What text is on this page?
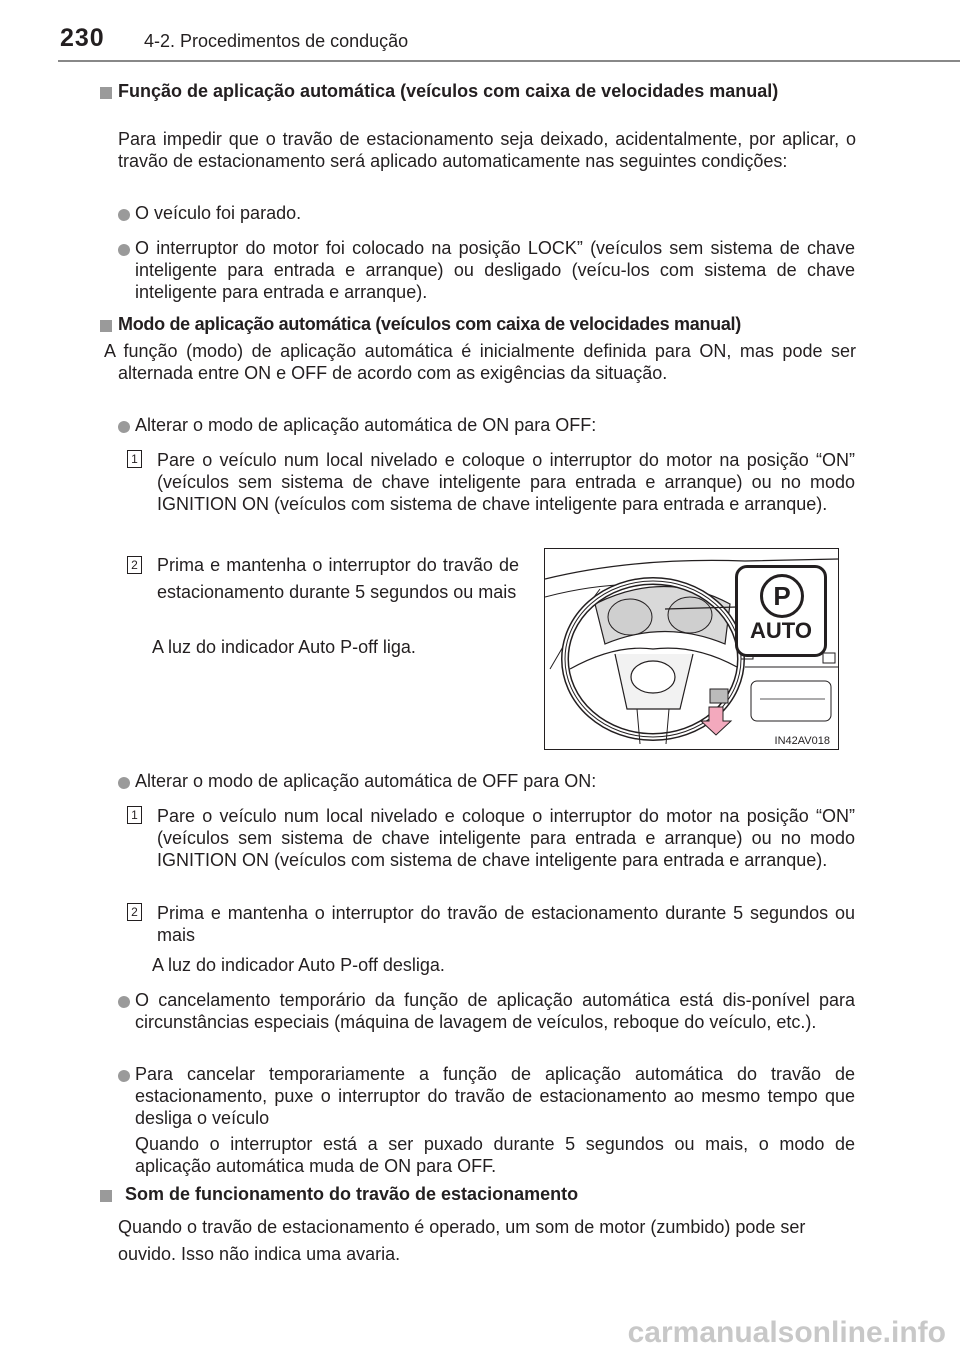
230 4-2. Procedimentos de condução

Função de aplicação automática (veículos com caixa de velocidades manual)

Para impedir que o travão de estacionamento seja deixado, acidentalmente, por aplicar, o travão de estacionamento será aplicado automaticamente nas seguintes condições:

O veículo foi parado.

O interruptor do motor foi colocado na posição LOCK” (veículos sem sistema de chave inteligente para entrada e arranque) ou desligado (veícu-los com sistema de chave inteligente para entrada e arranque).

Modo de aplicação automática (veículos com caixa de velocidades manual)

A função (modo) de aplicação automática é inicialmente definida para ON, mas pode ser alternada entre ON e OFF de acordo com as exigências da situação.

Alterar o modo de aplicação automática de ON para OFF:

1 Pare o veículo num local nivelado e coloque o interruptor do motor na posição “ON” (veículos sem sistema de chave inteligente para entrada e arranque) ou no modo IGNITION ON (veículos com sistema de chave inteligente para entrada e arranque).

2 Prima e mantenha o interruptor do travão de estacionamento durante 5 segundos ou mais

A luz do indicador Auto P-off liga.

P
AUTO
IN42AV018

Alterar o modo de aplicação automática de OFF para ON:

1 Pare o veículo num local nivelado e coloque o interruptor do motor na posição “ON” (veículos sem sistema de chave inteligente para entrada e arranque) ou no modo IGNITION ON (veículos com sistema de chave inteligente para entrada e arranque).

2 Prima e mantenha o interruptor do travão de estacionamento durante 5 segundos ou mais

A luz do indicador Auto P-off desliga.

O cancelamento temporário da função de aplicação automática está dis-ponível para circunstâncias especiais (máquina de lavagem de veículos, reboque do veículo, etc.).

Para cancelar temporariamente a função de aplicação automática do travão de estacionamento, puxe o interruptor do travão de estacionamento ao mesmo tempo que desliga o veículo

Quando o interruptor está a ser puxado durante 5 segundos ou mais, o modo de aplicação automática muda de ON para OFF.

Som de funcionamento do travão de estacionamento

Quando o travão de estacionamento é operado, um som de motor (zumbido) pode ser ouvido. Isso não indica uma avaria.

carmanualsonline.info
